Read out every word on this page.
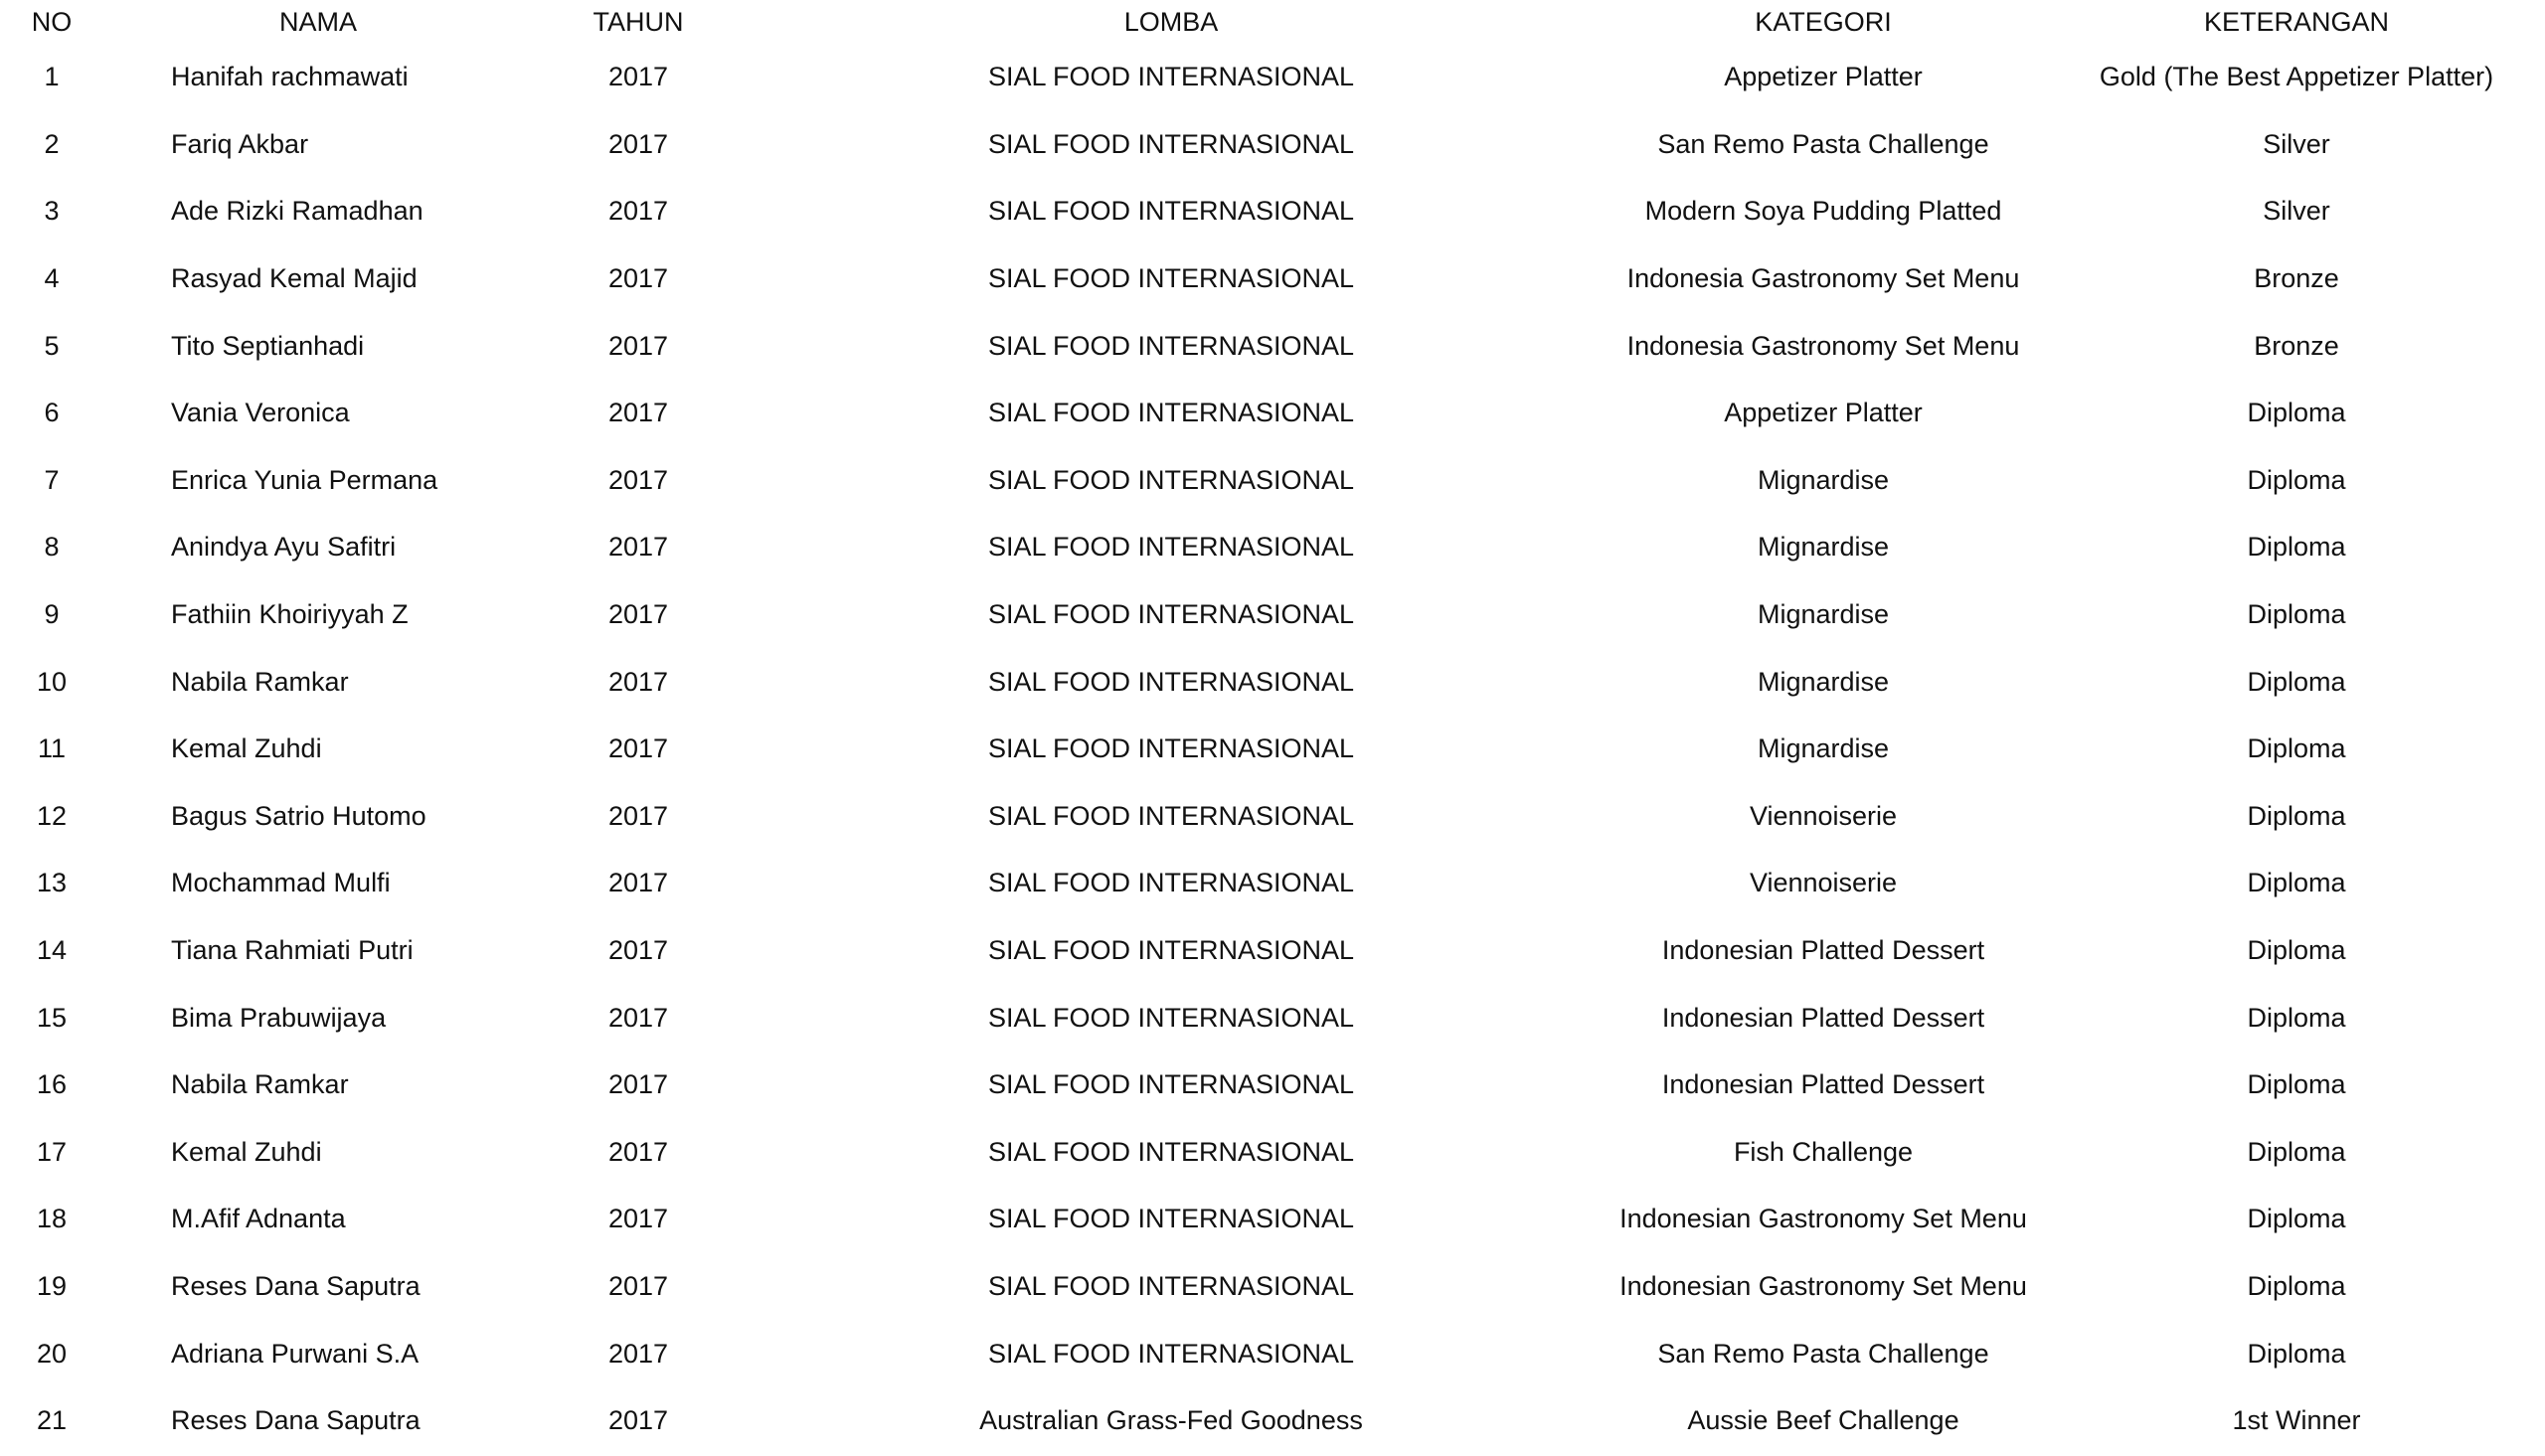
NO	NAMA	TAHUN	LOMBA	KATEGORI	KETERANGAN
1	Hanifah rachmawati	2017	SIAL FOOD INTERNASIONAL	Appetizer Platter	Gold (The Best Appetizer Platter)
2	Fariq Akbar	2017	SIAL FOOD INTERNASIONAL	San Remo Pasta Challenge	Silver
3	Ade Rizki Ramadhan	2017	SIAL FOOD INTERNASIONAL	Modern Soya Pudding Platted	Silver
4	Rasyad Kemal Majid	2017	SIAL FOOD INTERNASIONAL	Indonesia Gastronomy Set Menu	Bronze
5	Tito Septianhadi	2017	SIAL FOOD INTERNASIONAL	Indonesia Gastronomy Set Menu	Bronze
6	Vania Veronica	2017	SIAL FOOD INTERNASIONAL	Appetizer Platter	Diploma
7	Enrica Yunia Permana	2017	SIAL FOOD INTERNASIONAL	Mignardise	Diploma
8	Anindya Ayu Safitri	2017	SIAL FOOD INTERNASIONAL	Mignardise	Diploma
9	Fathiin Khoiriyyah Z	2017	SIAL FOOD INTERNASIONAL	Mignardise	Diploma
10	Nabila Ramkar	2017	SIAL FOOD INTERNASIONAL	Mignardise	Diploma
11	Kemal Zuhdi	2017	SIAL FOOD INTERNASIONAL	Mignardise	Diploma
12	Bagus Satrio Hutomo	2017	SIAL FOOD INTERNASIONAL	Viennoiserie	Diploma
13	Mochammad Mulfi	2017	SIAL FOOD INTERNASIONAL	Viennoiserie	Diploma
14	Tiana Rahmiati Putri	2017	SIAL FOOD INTERNASIONAL	Indonesian Platted Dessert	Diploma
15	Bima Prabuwijaya	2017	SIAL FOOD INTERNASIONAL	Indonesian Platted Dessert	Diploma
16	Nabila Ramkar	2017	SIAL FOOD INTERNASIONAL	Indonesian Platted Dessert	Diploma
17	Kemal Zuhdi	2017	SIAL FOOD INTERNASIONAL	Fish Challenge	Diploma
18	M.Afif Adnanta	2017	SIAL FOOD INTERNASIONAL	Indonesian Gastronomy Set Menu	Diploma
19	Reses Dana Saputra	2017	SIAL FOOD INTERNASIONAL	Indonesian Gastronomy Set Menu	Diploma
20	Adriana Purwani S.A	2017	SIAL FOOD INTERNASIONAL	San Remo Pasta Challenge	Diploma
21	Reses Dana Saputra	2017	Australian Grass-Fed Goodness	Aussie Beef Challenge	1st Winner
